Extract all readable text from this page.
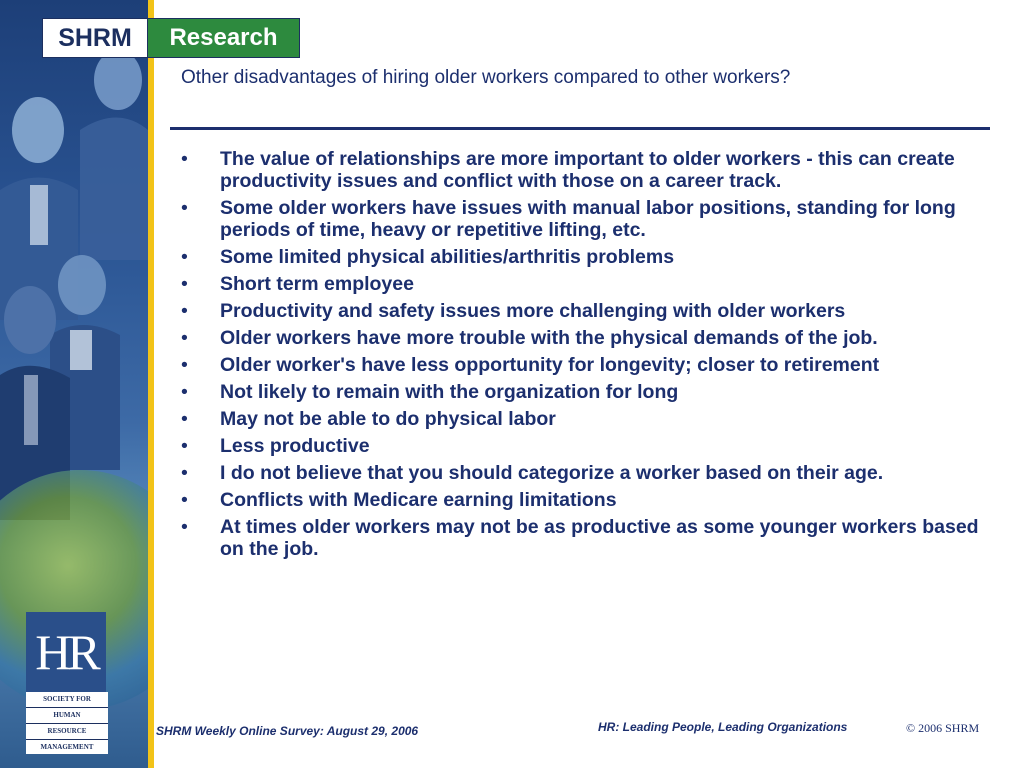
HR
SOCIETY FOR
HUMAN
RESOURCE
MANAGEMENT
SHRM	Research
Other disadvantages of hiring older workers compared to other workers?
• The value of relationships are more important to older workers - this can create productivity issues and conflict with those on a career track.
• Some older workers have issues with manual labor positions, standing for long periods of time, heavy or repetitive lifting, etc.
• Some limited physical abilities/arthritis problems
• Short term employee
• Productivity and safety issues more challenging with older workers
• Older workers have more trouble with the physical demands of the job.
• Older worker's have less opportunity for longevity; closer to retirement
• Not likely to remain with the organization for long
• May not be able to do physical labor
• Less productive
• I do not believe that you should categorize a worker based on their age.
• Conflicts with Medicare earning limitations
• At times older workers may not be as productive as some younger workers based on the job.
SHRM Weekly Online Survey: August 29, 2006	HR: Leading People, Leading Organizations	© 2006 SHRM
